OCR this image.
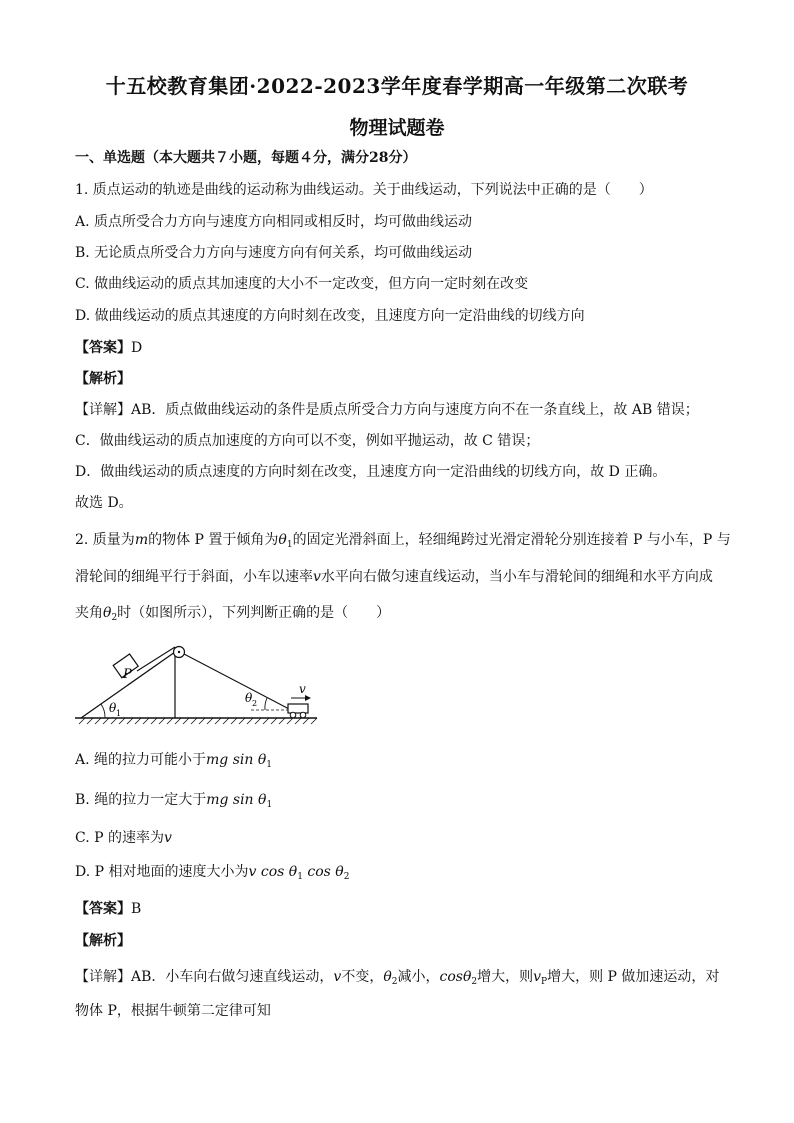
十五校教育集团·2022-2023学年度春学期高一年级第二次联考
物理试题卷
一、单选题（本大题共７小题，每题４分，满分28分）
1. 质点运动的轨迹是曲线的运动称为曲线运动。关于曲线运动，下列说法中正确的是（　　）
A. 质点所受合力方向与速度方向相同或相反时，均可做曲线运动
B. 无论质点所受合力方向与速度方向有何关系，均可做曲线运动
C. 做曲线运动的质点其加速度的大小不一定改变，但方向一定时刻在改变
D. 做曲线运动的质点其速度的方向时刻在改变，且速度方向一定沿曲线的切线方向
【答案】D
【解析】
【详解】AB．质点做曲线运动的条件是质点所受合力方向与速度方向不在一条直线上，故 AB 错误；
C．做曲线运动的质点加速度的方向可以不变，例如平抛运动，故 C 错误；
D．做曲线运动的质点速度的方向时刻在改变，且速度方向一定沿曲线的切线方向，故 D 正确。
故选 D。
2. 质量为m的物体 P 置于倾角为$\theta_1$的固定光滑斜面上，轻细绳跨过光滑定滑轮分别连接着 P 与小车，P 与
滑轮间的细绳平行于斜面，小车以速率v水平向右做匀速直线运动，当小车与滑轮间的细绳和水平方向成
夹角$\theta_2$时（如图所示），下列判断正确的是（　　）
P
v
θ 1
θ 2
A. 绳的拉力可能小于mg $\sin \theta_1$
B. 绳的拉力一定大于mg $\sin \theta_1$
C. P 的速率为v
D. P 相对地面的速度大小为v $\cos \theta_1$ $\cos \theta_2$
【答案】B
【解析】
【详解】AB．小车向右做匀速直线运动，v不变，$\theta_2$减小，cosθ$_2$增大，则$v_P$增大，则 P 做加速运动，对
物体 P，根据牛顿第二定律可知
